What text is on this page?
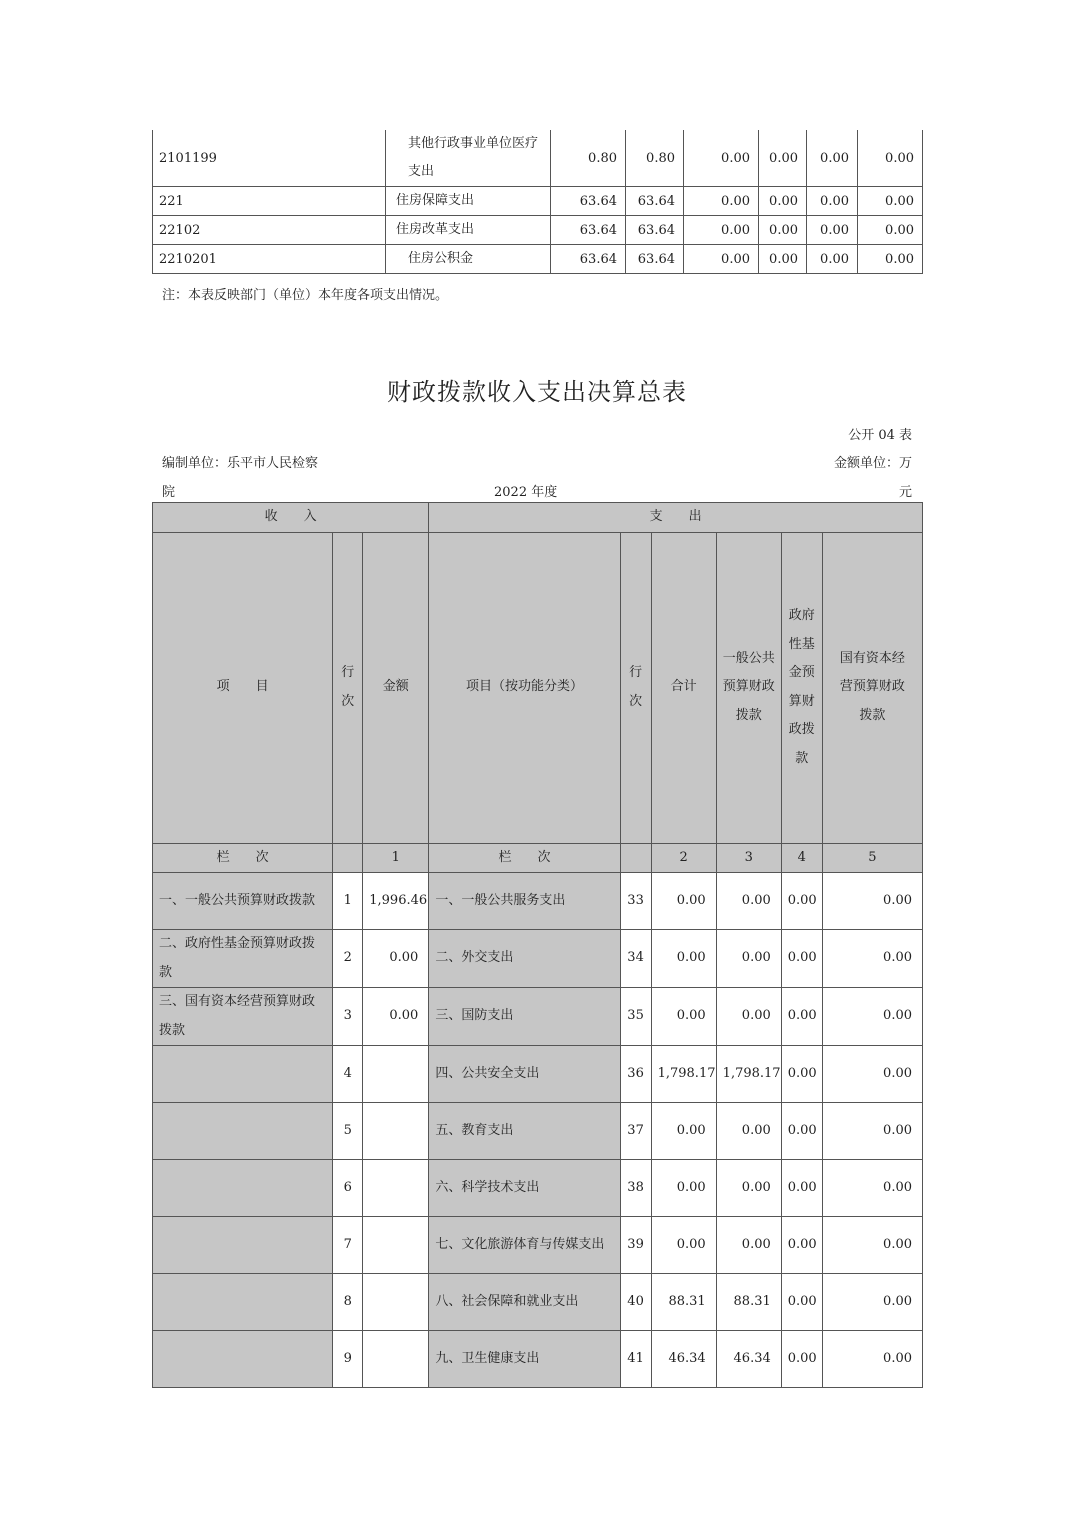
2101199	其他行政事业单位医疗支出	0.80	0.80	0.00	0.00	0.00	0.00
221	住房保障支出	63.64	63.64	0.00	0.00	0.00	0.00
22102	住房改革支出	63.64	63.64	0.00	0.00	0.00	0.00
2210201	住房公积金	63.64	63.64	0.00	0.00	0.00	0.00
注：本表反映部门（单位）本年度各项支出情况。
财政拨款收入支出决算总表
公开 04 表
编制单位：乐平市人民检察
院	2022 年度
金额单位：万
元
收　　入			支　　出					
项　　目	行次	金额	项目（按功能分类）	行次	合计	一般公共预算财政拨款	政府性基金预算财政拨款	国有资本经营预算财政拨款
栏　　次		1	栏　　次		2	3	4	5
一、一般公共预算财政拨款	1	1,996.46	一、一般公共服务支出	33	0.00	0.00	0.00	0.00
二、政府性基金预算财政拨款	2	0.00	二、外交支出	34	0.00	0.00	0.00	0.00
三、国有资本经营预算财政拨款	3	0.00	三、国防支出	35	0.00	0.00	0.00	0.00
	4		四、公共安全支出	36	1,798.17	1,798.17	0.00	0.00
	5		五、教育支出	37	0.00	0.00	0.00	0.00
	6		六、科学技术支出	38	0.00	0.00	0.00	0.00
	7		七、文化旅游体育与传媒支出	39	0.00	0.00	0.00	0.00
	8		八、社会保障和就业支出	40	88.31	88.31	0.00	0.00
	9		九、卫生健康支出	41	46.34	46.34	0.00	0.00
